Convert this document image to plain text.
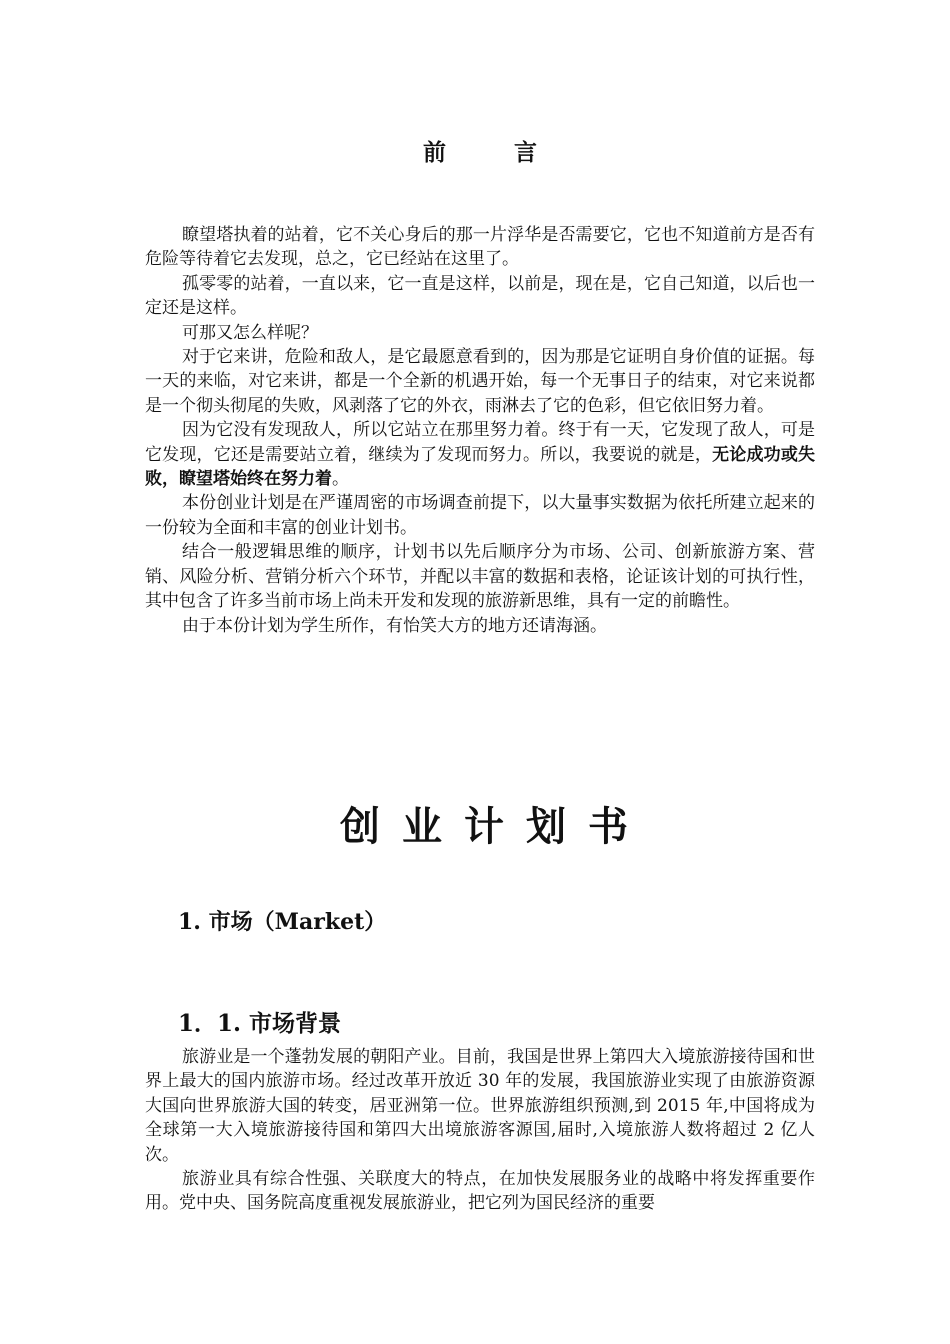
前 言

瞭望塔执着的站着，它不关心身后的那一片浮华是否需要它，它也不知道前方是否有危险等待着它去发现，总之，它已经站在这里了。

孤零零的站着，一直以来，它一直是这样，以前是，现在是，它自己知道，以后也一定还是这样。

可那又怎么样呢？

对于它来讲，危险和敌人，是它最愿意看到的，因为那是它证明自身价值的证据。每一天的来临，对它来讲，都是一个全新的机遇开始，每一个无事日子的结束，对它来说都是一个彻头彻尾的失败，风剥落了它的外衣，雨淋去了它的色彩，但它依旧努力着。

因为它没有发现敌人，所以它站立在那里努力着。终于有一天，它发现了敌人，可是它发现，它还是需要站立着，继续为了发现而努力。所以，我要说的就是，无论成功或失败，瞭望塔始终在努力着。

本份创业计划是在严谨周密的市场调查前提下，以大量事实数据为依托所建立起来的一份较为全面和丰富的创业计划书。

结合一般逻辑思维的顺序，计划书以先后顺序分为市场、公司、创新旅游方案、营销、风险分析、营销分析六个环节，并配以丰富的数据和表格，论证该计划的可执行性，其中包含了许多当前市场上尚未开发和发现的旅游新思维，具有一定的前瞻性。

由于本份计划为学生所作，有怡笑大方的地方还请海涵。

创业计划书
1. 市场（Market）
1．1. 市场背景

旅游业是一个蓬勃发展的朝阳产业。目前，我国是世界上第四大入境旅游接待国和世界上最大的国内旅游市场。经过改革开放近 30 年的发展，我国旅游业实现了由旅游资源大国向世界旅游大国的转变，居亚洲第一位。世界旅游组织预测,到 2015 年,中国将成为全球第一大入境旅游接待国和第四大出境旅游客源国,届时,入境旅游人数将超过 2 亿人次。

旅游业具有综合性强、关联度大的特点，在加快发展服务业的战略中将发挥重要作用。党中央、国务院高度重视发展旅游业，把它列为国民经济的重要
